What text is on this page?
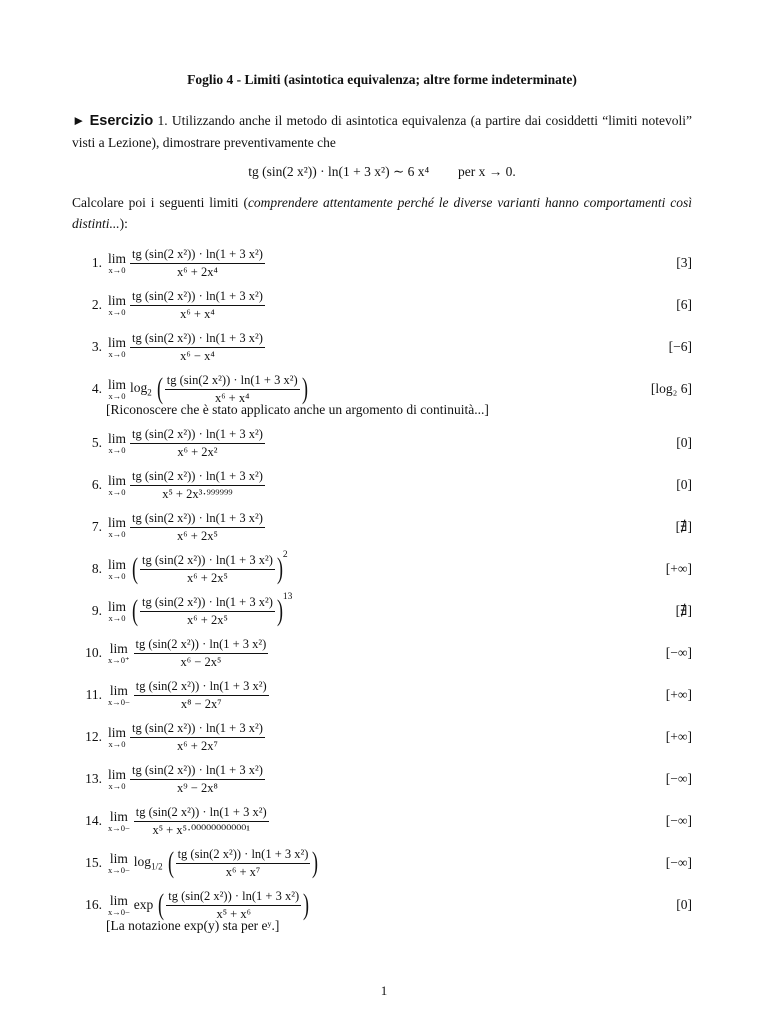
Foglio 4 - Limiti (asintotica equivalenza; altre forme indeterminate)

► Esercizio 1. Utilizzando anche il metodo di asintotica equivalenza (a partire dai cosiddetti “limiti notevoli” visti a Lezione), dimostrare preventivamente che

tg (sin(2 x²)) · ln(1 + 3 x²) ∼ 6 x⁴ per x → 0.

Calcolare poi i seguenti limiti (comprendere attentamente perché le diverse varianti hanno comportamenti così distinti...):

1. lim
$x\to 0 \frac{\text{tg (sin(2 x²)) · ln(1 + 3 x²)}}{\text{x⁶ + 2x⁴}}$	[3]
2. lim
$x\to 0 \frac{\text{tg (sin(2 x²)) · ln(1 + 3 x²)}}{\text{x⁶ + x⁴}}$	[6]
3. lim
$x\to 0 \frac{\text{tg (sin(2 x²)) · ln(1 + 3 x²)}}{\text{x⁶ − x⁴}}$	[−6]
4. lim
x→0
$\log_2$ ( $\frac{\text{tg (sin(2 x²)) · ln(1 + 3 x²)}}{\text{x⁶ + x⁴}}$ )	[log₂ 6]
[Riconoscere che è stato applicato anche un argomento di continuità...]
5. lim
$x\to 0 \frac{\text{tg (sin(2 x²)) · ln(1 + 3 x²)}}{\text{x⁶ + 2x²}}$	[0]
6. lim
$x\to 0 \frac{\text{tg (sin(2 x²)) · ln(1 + 3 x²)}}{\text{x⁵ + 2x³·⁹⁹⁹⁹⁹⁹}}$	[0]
7. lim
$x\to 0 \frac{\text{tg (sin(2 x²)) · ln(1 + 3 x²)}}{\text{x⁶ + 2x⁵}}$	[∄]
8. lim
x→0 ( $\frac{\text{tg (sin(2 x²)) · ln(1 + 3 x²)}}{\text{x⁶ + 2x⁵}}$ ) 2
[+∞]
9. lim
x→0 ( $\frac{\text{tg (sin(2 x²)) · ln(1 + 3 x²)}}{\text{x⁶ + 2x⁵}}$ ) 13
[∄]
10. lim
$x\to 0^+ \frac{\text{tg (sin(2 x²)) · ln(1 + 3 x²)}}{\text{x⁶ − 2x⁵}}$	[−∞]
11. lim
$x\to 0- \frac{\text{tg (sin(2 x²)) · ln(1 + 3 x²)}}{\text{x⁸ − 2x⁷}}$	[+∞]
12. lim
$x\to 0 \frac{\text{tg (sin(2 x²)) · ln(1 + 3 x²)}}{\text{x⁶ + 2x⁷}}$	[+∞]
13. lim
$x\to 0 \frac{\text{tg (sin(2 x²)) · ln(1 + 3 x²)}}{\text{x⁹ − 2x⁸}}$	[−∞]
14. lim
$x\to 0- \frac{\text{tg (sin(2 x²)) · ln(1 + 3 x²)}}{\text{x⁵ + x⁵·⁰⁰⁰⁰⁰⁰⁰⁰⁰⁰⁰¹}}$	[−∞]
15. lim
x→0−
$\log_{1/2}$ ( $\frac{\text{tg (sin(2 x²)) · ln(1 + 3 x²)}}{\text{x⁶ + x⁷}}$ )	[−∞]
16. lim
x→0− exp ( $\frac{\text{tg (sin(2 x²)) · ln(1 + 3 x²)}}{\text{x⁵ + x⁶}}$ )	[0]
[La notazione exp(y) sta per eʸ.]
1
